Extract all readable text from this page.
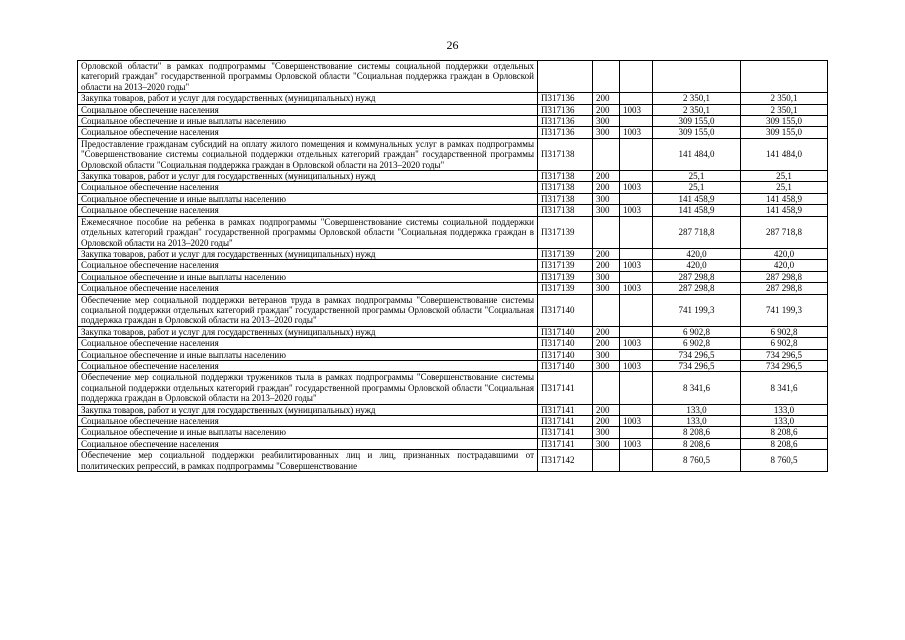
26
Орловской области" в рамках подпрограммы "Совершенствование системы социальной поддержки отдельных категорий граждан" государственной программы Орловской области "Социальная поддержка граждан в Орловской области на 2013–2020 годы"					
Закупка товаров, работ и услуг для государственных (муниципальных) нужд	П317136	200		2 350,1	2 350,1
Социальное обеспечение населения	П317136	200	1003	2 350,1	2 350,1
Социальное обеспечение и иные выплаты населению	П317136	300		309 155,0	309 155,0
Социальное обеспечение населения	П317136	300	1003	309 155,0	309 155,0
Предоставление гражданам субсидий на оплату жилого помещения и коммунальных услуг в рамках подпрограммы "Совершенствование системы социальной поддержки отдельных категорий граждан" государственной программы Орловской области "Социальная поддержка граждан в Орловской области на 2013–2020 годы"	П317138			141 484,0	141 484,0
Закупка товаров, работ и услуг для государственных (муниципальных) нужд	П317138	200		25,1	25,1
Социальное обеспечение населения	П317138	200	1003	25,1	25,1
Социальное обеспечение и иные выплаты населению	П317138	300		141 458,9	141 458,9
Социальное обеспечение населения	П317138	300	1003	141 458,9	141 458,9
Ежемесячное пособие на ребенка в рамках подпрограммы "Совершенствование системы социальной поддержки отдельных категорий граждан" государственной программы Орловской области "Социальная поддержка граждан в Орловской области на 2013–2020 годы"	П317139			287 718,8	287 718,8
Закупка товаров, работ и услуг для государственных (муниципальных) нужд	П317139	200		420,0	420,0
Социальное обеспечение населения	П317139	200	1003	420,0	420,0
Социальное обеспечение и иные выплаты населению	П317139	300		287 298,8	287 298,8
Социальное обеспечение населения	П317139	300	1003	287 298,8	287 298,8
Обеспечение мер социальной поддержки ветеранов труда в рамках подпрограммы "Совершенствование системы социальной поддержки отдельных категорий граждан" государственной программы Орловской области "Социальная поддержка граждан в Орловской области на 2013–2020 годы"	П317140			741 199,3	741 199,3
Закупка товаров, работ и услуг для государственных (муниципальных) нужд	П317140	200		6 902,8	6 902,8
Социальное обеспечение населения	П317140	200	1003	6 902,8	6 902,8
Социальное обеспечение и иные выплаты населению	П317140	300		734 296,5	734 296,5
Социальное обеспечение населения	П317140	300	1003	734 296,5	734 296,5
Обеспечение мер социальной поддержки тружеников тыла в рамках подпрограммы "Совершенствование системы социальной поддержки отдельных категорий граждан" государственной программы Орловской области "Социальная поддержка граждан в Орловской области на 2013–2020 годы"	П317141			8 341,6	8 341,6
Закупка товаров, работ и услуг для государственных (муниципальных) нужд	П317141	200		133,0	133,0
Социальное обеспечение населения	П317141	200	1003	133,0	133,0
Социальное обеспечение и иные выплаты населению	П317141	300		8 208,6	8 208,6
Социальное обеспечение населения	П317141	300	1003	8 208,6	8 208,6
Обеспечение мер социальной поддержки реабилитированных лиц и лиц, признанных пострадавшими от политических репрессий, в рамках подпрограммы "Совершенствование	П317142			8 760,5	8 760,5
